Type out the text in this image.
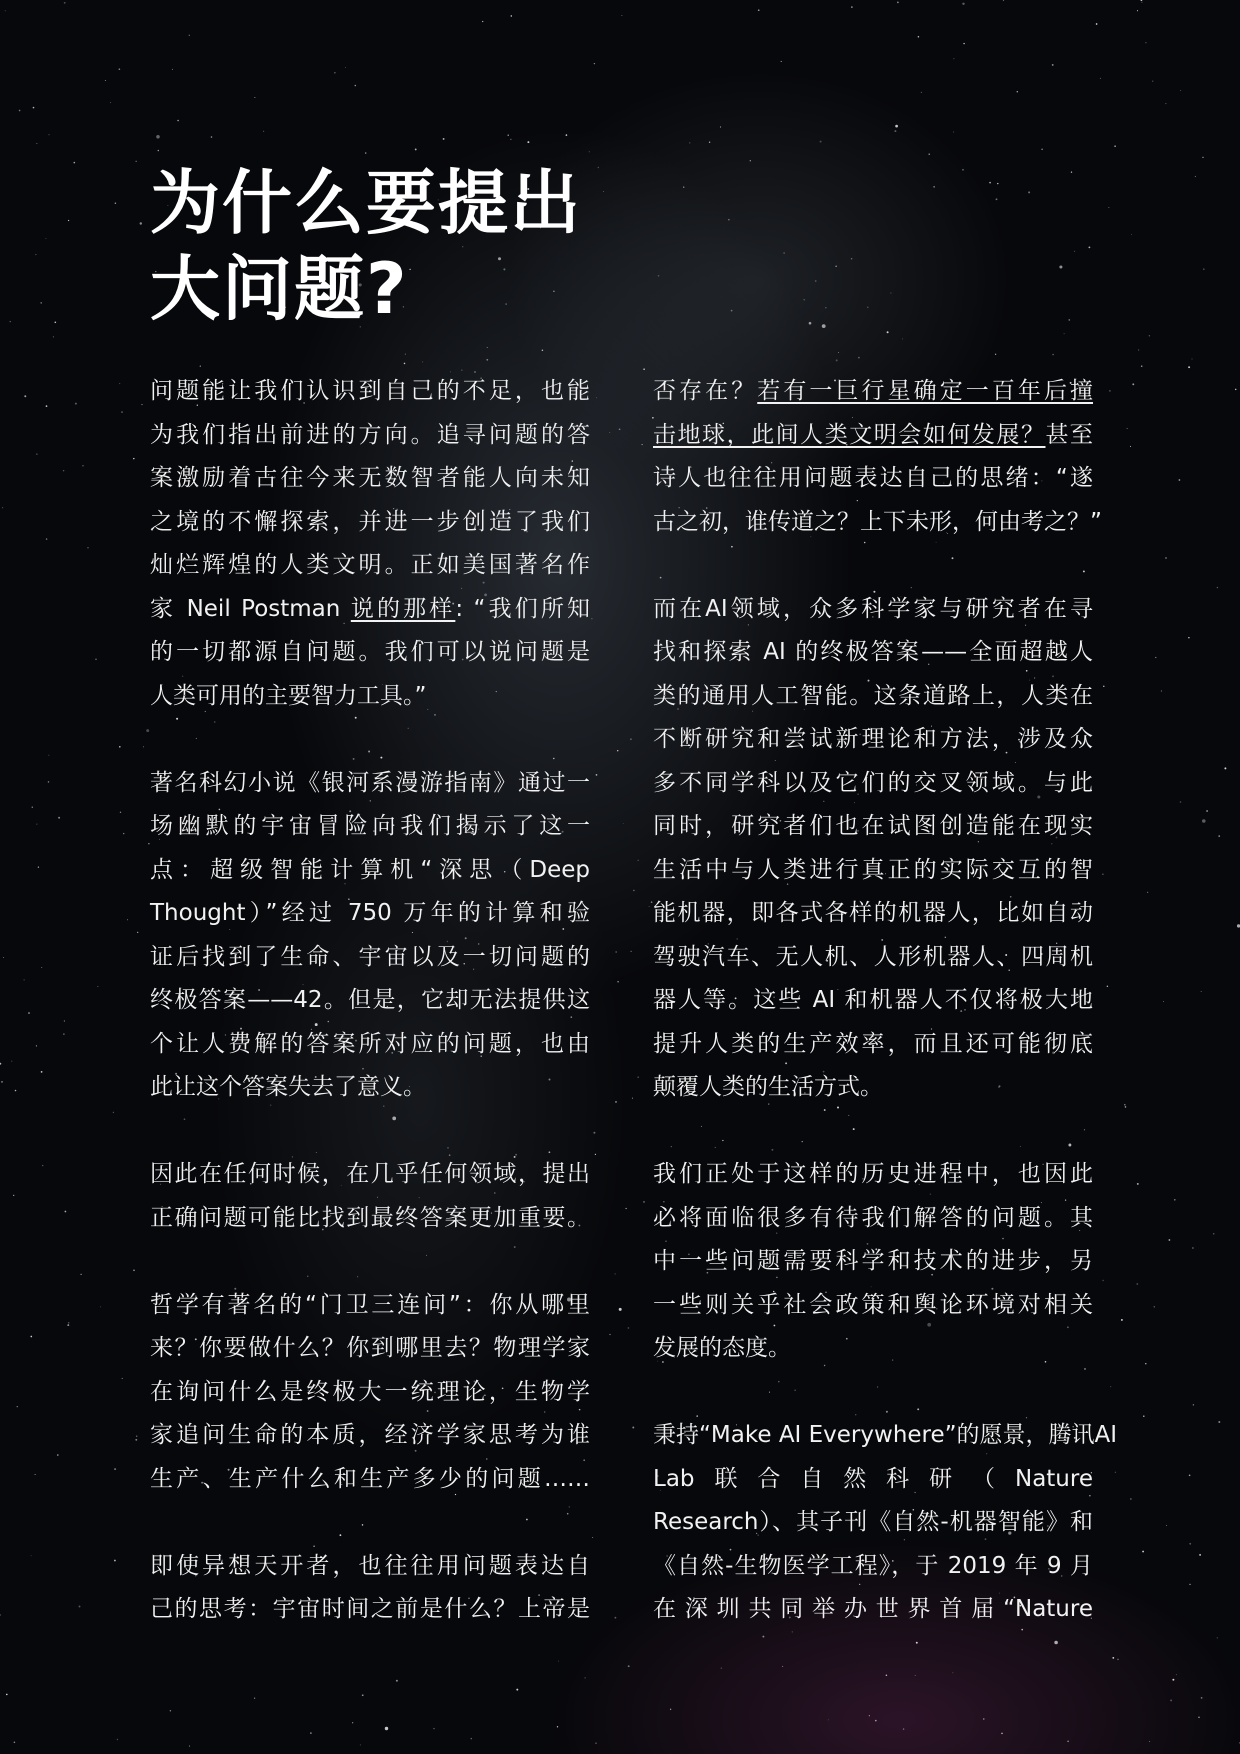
为什么要提出
大问题?

问题能让我们认识到自己的不足，也能
为我们指出前进的方向。追寻问题的答
案激励着古往今来无数智者能人向未知
之境的不懈探索，并进一步创造了我们
灿烂辉煌的人类文明。正如美国著名作
家 Neil Postman 说的那样: “我们所知
的一切都源自问题。我们可以说问题是
人类可用的主要智力工具。”

著名科幻小说《银河系漫游指南》通过一
场幽默的宇宙冒险向我们揭示了这一
点：超级智能计算机“深思（Deep
Thought）”经过 750 万年的计算和验
证后找到了生命、宇宙以及一切问题的
终极答案——42。但是，它却无法提供这
个让人费解的答案所对应的问题，也由
此让这个答案失去了意义。

因此在任何时候，在几乎任何领域，提出
正确问题可能比找到最终答案更加重要。

哲学有著名的“门卫三连问”：你从哪里
来？你要做什么？你到哪里去？物理学家
在询问什么是终极大一统理论，生物学
家追问生命的本质，经济学家思考为谁
生产、生产什么和生产多少的问题……

即使异想天开者，也往往用问题表达自
己的思考：宇宙时间之前是什么？上帝是

否存在？若有一巨行星确定一百年后撞
击地球，此间人类文明会如何发展？甚至
诗人也往往用问题表达自己的思绪：“遂
古之初，谁传道之？上下未形，何由考之？”

而在AI领域，众多科学家与研究者在寻
找和探索 AI 的终极答案——全面超越人
类的通用人工智能。这条道路上，人类在
不断研究和尝试新理论和方法，涉及众
多不同学科以及它们的交叉领域。与此
同时，研究者们也在试图创造能在现实
生活中与人类进行真正的实际交互的智
能机器，即各式各样的机器人，比如自动
驾驶汽车、无人机、人形机器人、四周机
器人等。这些 AI 和机器人不仅将极大地
提升人类的生产效率，而且还可能彻底
颠覆人类的生活方式。

我们正处于这样的历史进程中，也因此
必将面临很多有待我们解答的问题。其
中一些问题需要科学和技术的进步，另
一些则关乎社会政策和舆论环境对相关
发展的态度。

秉持“Make AI Everywhere”的愿景，腾讯AI
Lab联合自然科研（Nature
Research）、其子刊《自然-机器智能》和
《自然-生物医学工程》，于 2019 年 9 月
在深圳共同举办世界首届“Nature
